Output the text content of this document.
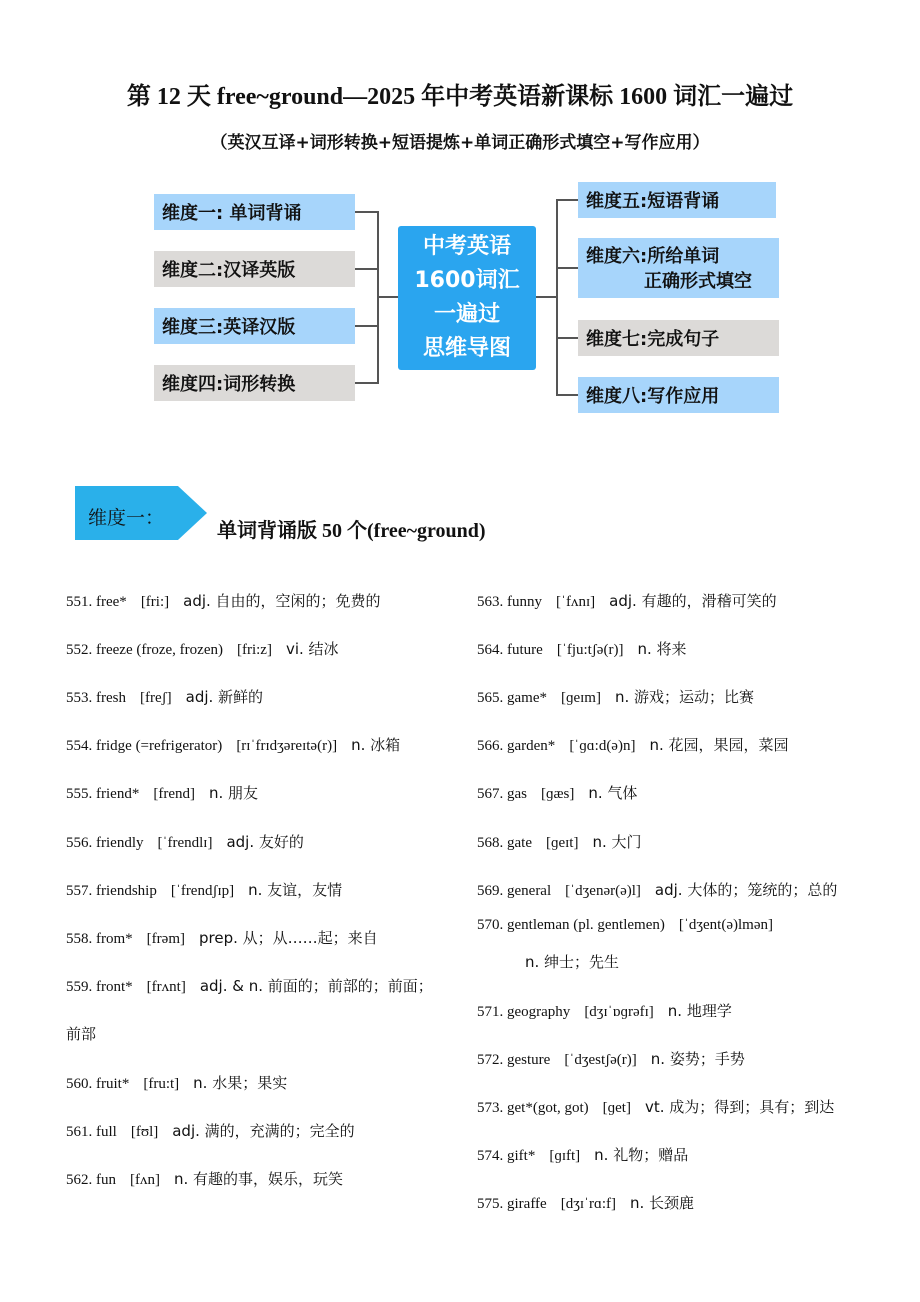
第 12 天 free~ground—2025 年中考英语新课标 1600 词汇一遍过
（英汉互译+词形转换+短语提炼+单词正确形式填空+写作应用）
维度一: 单词背诵
维度二:汉译英版
维度三:英译汉版
维度四:词形转换
中考英语
1600词汇
一遍过
思维导图
维度五:短语背诵
维度六:所给单词
正确形式填空
维度七:完成句子
维度八:写作应用
维度一：
单词背诵版 50 个(free~ground)
551. free* [fri:] adj. 自由的，空闲的；免费的
552. freeze (froze, frozen) [fri:z] vi. 结冰
553. fresh [freʃ] adj. 新鲜的
554. fridge (=refrigerator) [rɪˈfrɪdʒəreɪtə(r)] n. 冰箱
555. friend* [frend] n. 朋友
556. friendly [ˈfrendlɪ] adj. 友好的
557. friendship [ˈfrendʃɪp] n. 友谊，友情
558. from* [frəm] prep. 从；从……起；来自
559. front* [frʌnt] adj. & n. 前面的；前部的；前面；
前部
560. fruit* [fru:t] n. 水果；果实
561. full [fʊl] adj. 满的，充满的；完全的
562. fun [fʌn] n. 有趣的事，娱乐，玩笑
563. funny [ˈfʌnɪ] adj. 有趣的，滑稽可笑的
564. future [ˈfju:tʃə(r)] n. 将来
565. game* [ɡeɪm] n. 游戏；运动；比赛
566. garden* [ˈɡɑ:d(ə)n] n. 花园，果园，菜园
567. gas [ɡæs] n. 气体
568. gate [ɡeɪt] n. 大门
569. general [ˈdʒenər(ə)l] adj. 大体的；笼统的；总的
570. gentleman (pl. gentlemen) [ˈdʒent(ə)lmən]
n. 绅士；先生
571. geography [dʒɪˈɒɡrəfɪ] n. 地理学
572. gesture [ˈdʒestʃə(r)] n. 姿势；手势
573. get*(got, got) [ɡet] vt. 成为；得到；具有；到达
574. gift* [ɡɪft] n. 礼物；赠品
575. giraffe [dʒɪˈrɑ:f] n. 长颈鹿
